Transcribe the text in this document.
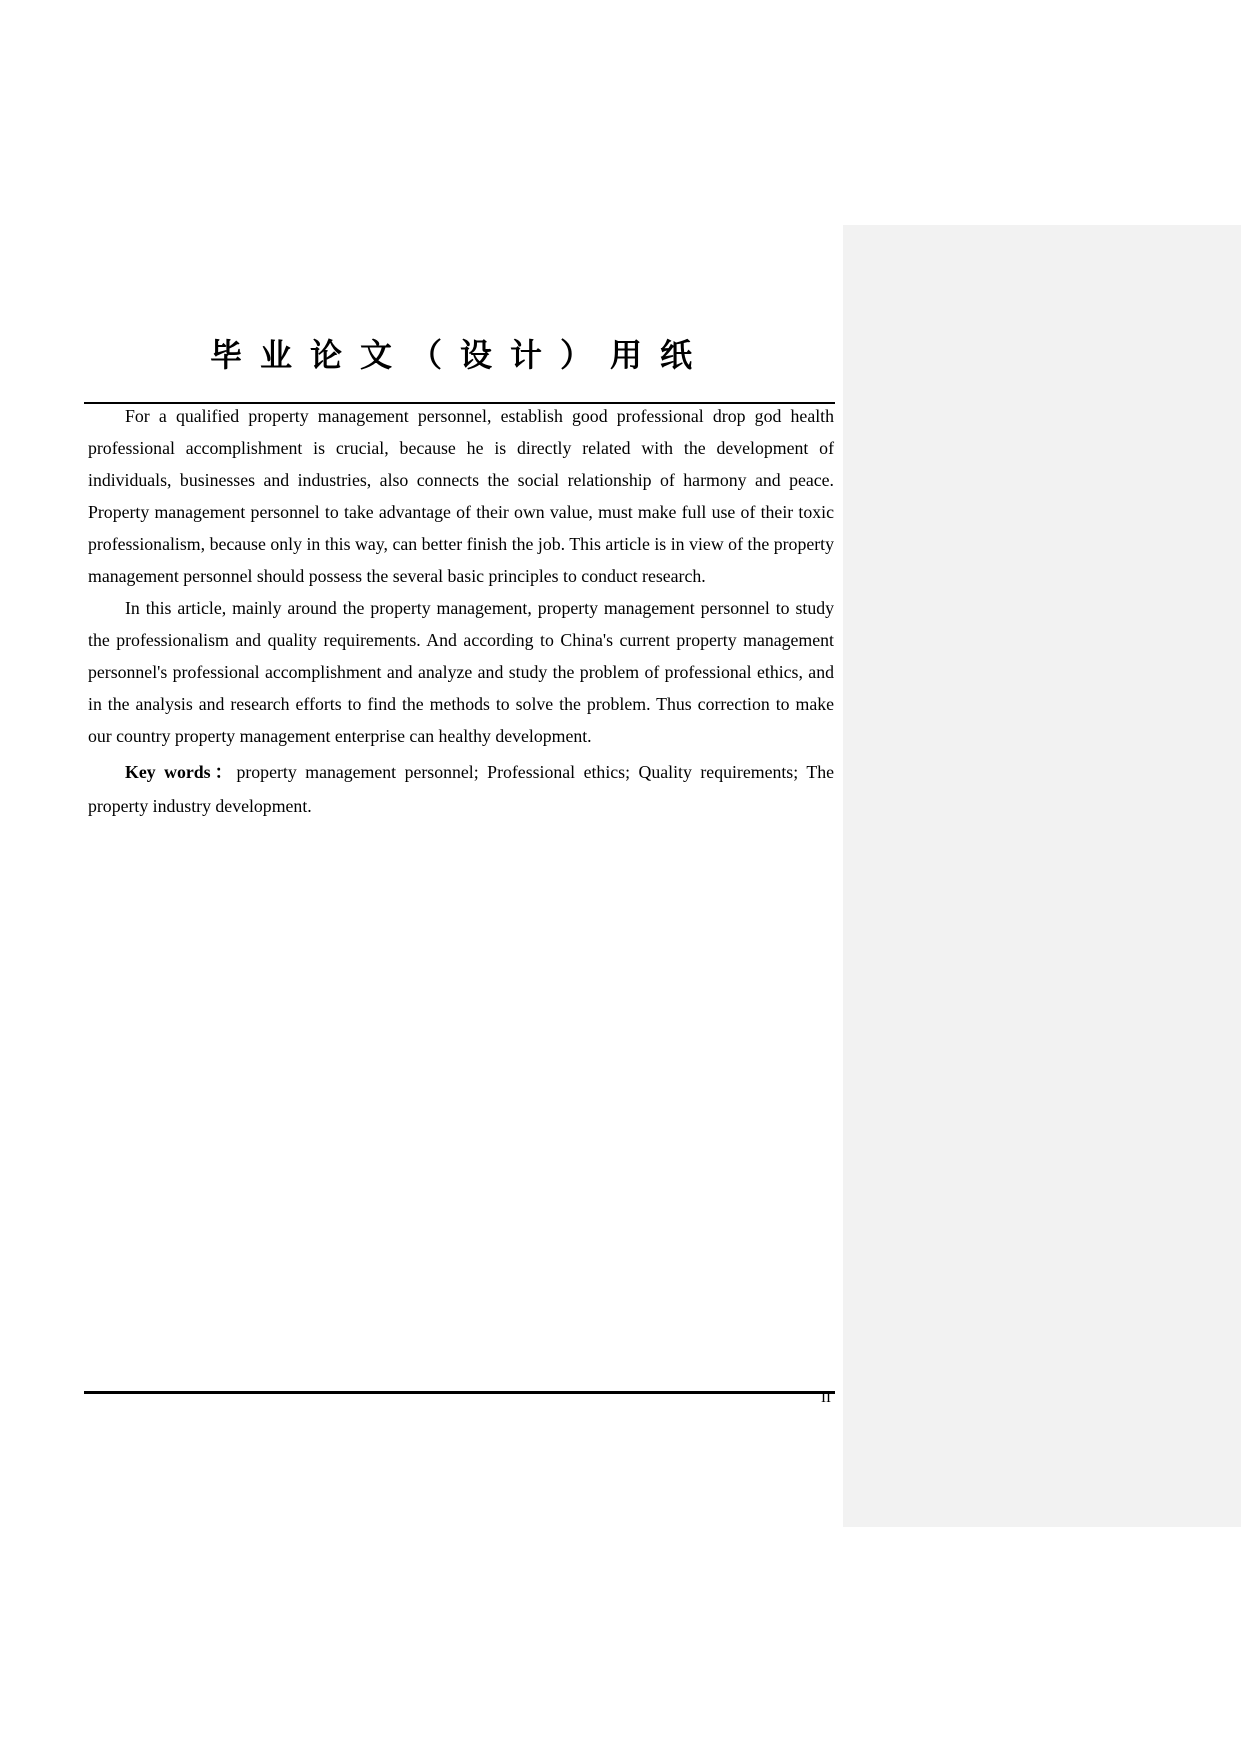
毕业论文（设计）用纸

For a qualified property management personnel, establish good professional drop god health professional accomplishment is crucial, because he is directly related with the development of individuals, businesses and industries, also connects the social relationship of harmony and peace. Property management personnel to take advantage of their own value, must make full use of their toxic professionalism, because only in this way, can better finish the job. This article is in view of the property management personnel should possess the several basic principles to conduct research.

In this article, mainly around the property management, property management personnel to study the professionalism and quality requirements. And according to China's current property management personnel's professional accomplishment and analyze and study the problem of professional ethics, and in the analysis and research efforts to find the methods to solve the problem. Thus correction to make our country property management enterprise can healthy development.

Key words：property management personnel; Professional ethics; Quality requirements; The property industry development.

II
